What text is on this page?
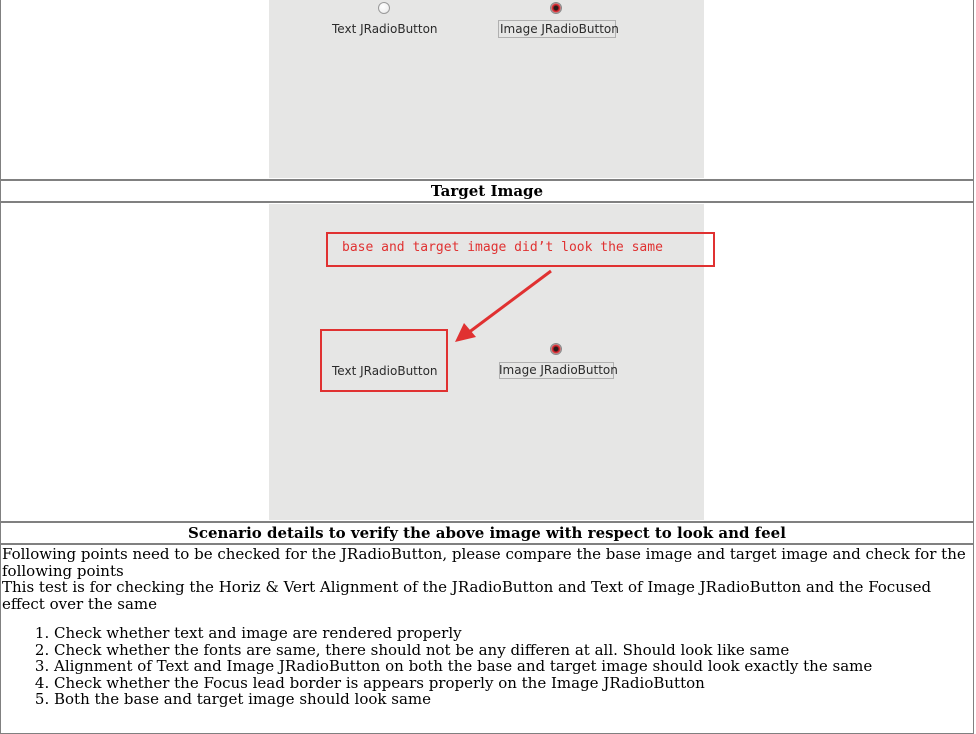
Text JRadioButton	Image JRadioButton
Target Image
base and target image did’t look the same
Text JRadioButton	Image JRadioButton
Scenario details to verify the above image with respect to look and feel
Following points need to be checked for the JRadioButton, please compare the base image and target image and check for the following points
This test is for checking the Horiz & Vert Alignment of the JRadioButton and Text of Image JRadioButton and the Focused effect over the same
1. Check whether text and image are rendered properly
2. Check whether the fonts are same, there should not be any differen at all. Should look like same
3. Alignment of Text and Image JRadioButton on both the base and target image should look exactly the same
4. Check whether the Focus lead border is appears properly on the Image JRadioButton
5. Both the base and target image should look same
